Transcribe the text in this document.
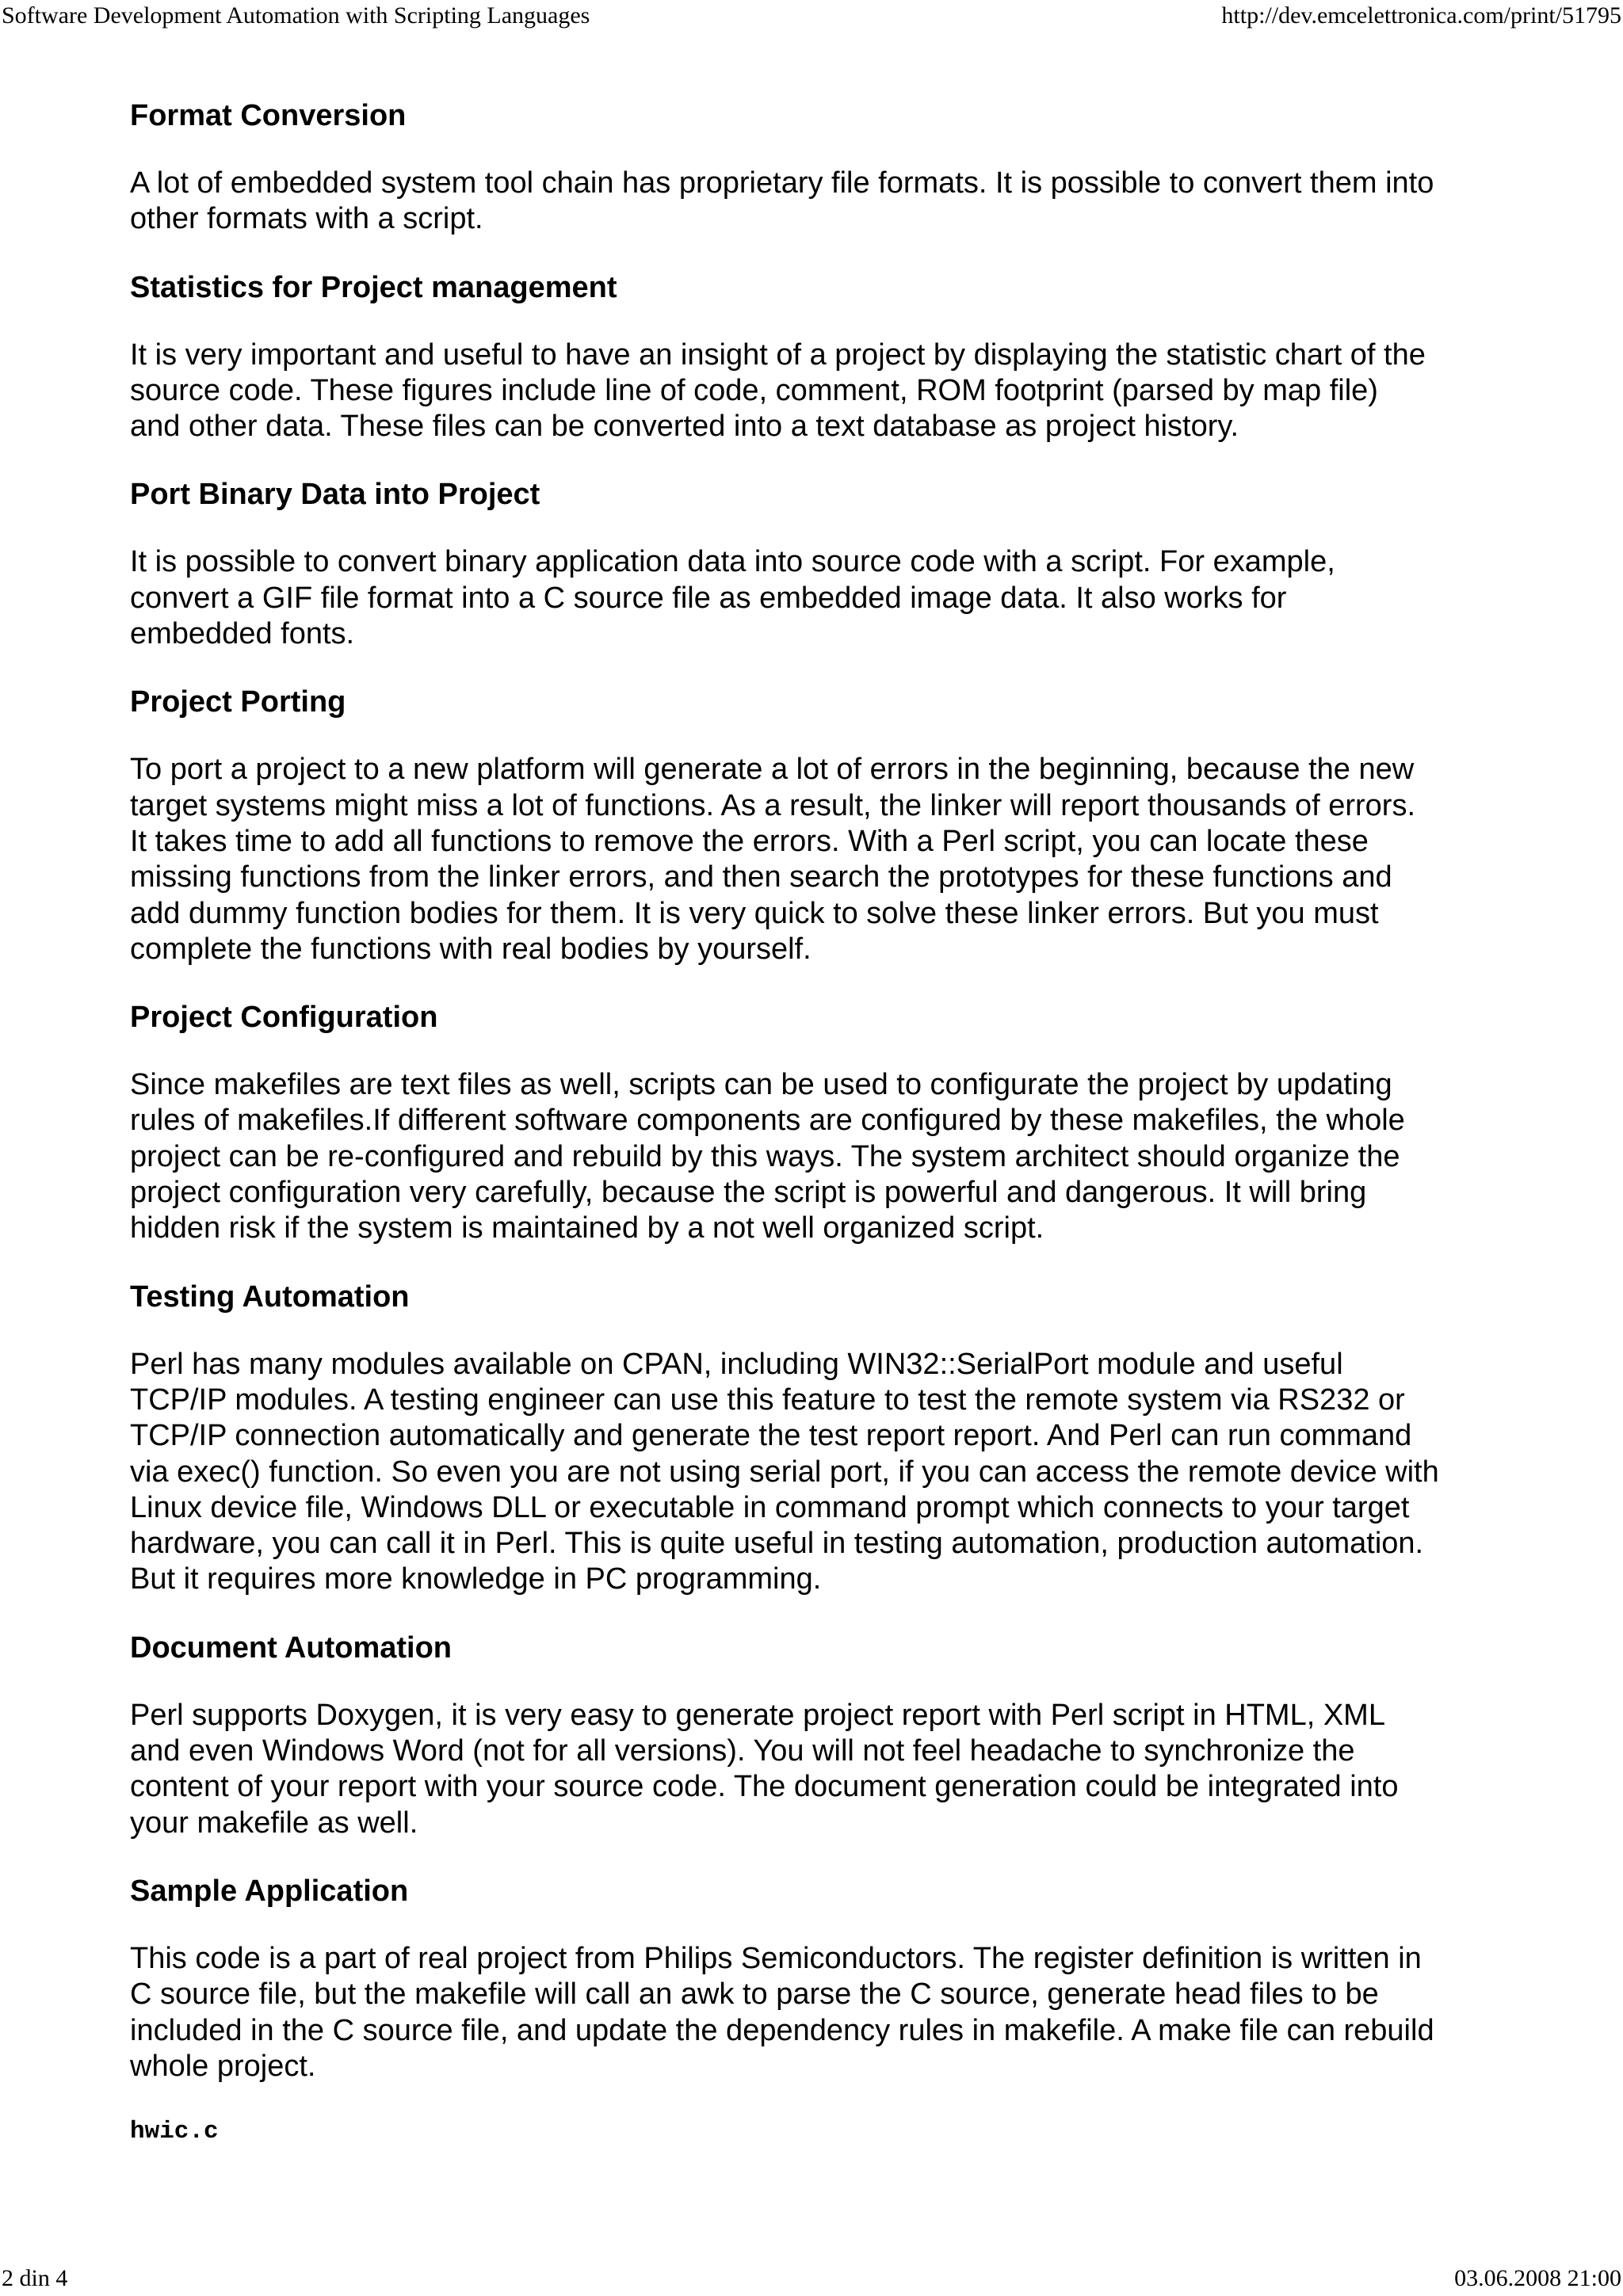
Software Development Automation with Scripting Languages	http://dev.emcelettronica.com/print/51795
Format Conversion
A lot of embedded system tool chain has proprietary file formats. It is possible to convert them into
other formats with a script.
Statistics for Project management
It is very important and useful to have an insight of a project by displaying the statistic chart of the
source code. These figures include line of code, comment, ROM footprint (parsed by map file)
and other data. These files can be converted into a text database as project history.
Port Binary Data into Project
It is possible to convert binary application data into source code with a script. For example,
convert a GIF file format into a C source file as embedded image data. It also works for
embedded fonts.
Project Porting
To port a project to a new platform will generate a lot of errors in the beginning, because the new
target systems might miss a lot of functions. As a result, the linker will report thousands of errors.
It takes time to add all functions to remove the errors. With a Perl script, you can locate these
missing functions from the linker errors, and then search the prototypes for these functions and
add dummy function bodies for them. It is very quick to solve these linker errors. But you must
complete the functions with real bodies by yourself.
Project Configuration
Since makefiles are text files as well, scripts can be used to configurate the project by updating
rules of makefiles.If different software components are configured by these makefiles, the whole
project can be re-configured and rebuild by this ways. The system architect should organize the
project configuration very carefully, because the script is powerful and dangerous. It will bring
hidden risk if the system is maintained by a not well organized script.
Testing Automation
Perl has many modules available on CPAN, including WIN32::SerialPort module and useful
TCP/IP modules. A testing engineer can use this feature to test the remote system via RS232 or
TCP/IP connection automatically and generate the test report report. And Perl can run command
via exec() function. So even you are not using serial port, if you can access the remote device with
Linux device file, Windows DLL or executable in command prompt which connects to your target
hardware, you can call it in Perl. This is quite useful in testing automation, production automation.
But it requires more knowledge in PC programming.
Document Automation
Perl supports Doxygen, it is very easy to generate project report with Perl script in HTML, XML
and even Windows Word (not for all versions). You will not feel headache to synchronize the
content of your report with your source code. The document generation could be integrated into
your makefile as well.
Sample Application
This code is a part of real project from Philips Semiconductors. The register definition is written in
C source file, but the makefile will call an awk to parse the C source, generate head files to be
included in the C source file, and update the dependency rules in makefile. A make file can rebuild
whole project.
hwic.c
2 din 4	03.06.2008 21:00
